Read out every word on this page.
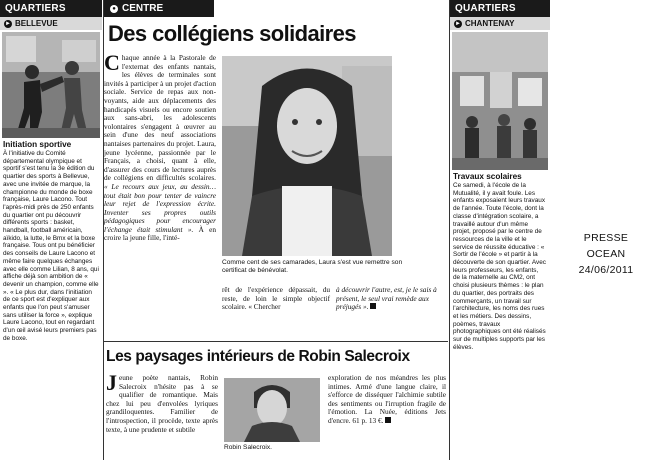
QUARTIERS
► BELLEVUE
Initiation sportive
À l'initiative du Comité départemental olympique et sportif s'est tenu la 3e édition du quartier des sports à Bellevue, avec une invitée de marque, la championne du monde de boxe française, Laure Lacono. Tout l'après-midi près de 250 enfants du quartier ont pu découvrir différents sports : basket, handball, football américain, aïkido, la lutte, le Bmx et la boxe française. Tous ont pu bénéficier des conseils de Laure Lacono et même faire quelques échanges avec elle comme Lilian, 8 ans, qui affiche déjà son ambition de « devenir un champion, comme elle ». « Le plus dur, dans l'initiation de ce sport est d'expliquer aux enfants que l'on peut s'amuser sans utiliser la force », explique Laure Lacono, tout en regardant d'un œil avisé leurs premiers pas de boxe.
● CENTRE
Des collégiens solidaires
Chaque année à la Pastorale de l'externat des enfants nantais, les élèves de terminales sont invités à participer à un projet d'action sociale. Service de repas aux non-voyants, aide aux déplacements des handicapés visuels ou encore soutien aux sans-abri, les adolescents volontaires s'engagent à œuvrer au sein d'une des neuf associations nantaises partenaires du projet. Laura, jeune lycéenne, passionnée par le Français, a choisi, quant à elle, d'assurer des cours de lectures auprès de collégiens en difficultés scolaires. « Le recours aux jeux, au dessin… tout était bon pour tenter de vaincre leur rejet de l'expression écrite. Inventer ses propres outils pédagogiques pour encourager l'échange était stimulant ». À en croire la jeune fille, l'inté-
Comme cent de ses camarades, Laura s'est vue remettre son certificat de bénévolat.
rêt de l'expérience dépassait, du reste, de loin le simple objectif scolaire. « Chercher
à découvrir l'autre, est, je le sais à présent, le seul vrai remède aux préjugés ».
Les paysages intérieurs de Robin Salecroix
Jeune poète nantais, Robin Salecroix n'hésite pas à se qualifier de romantique. Mais chez lui peu d'envolées lyriques grandiloquentes. Familier de l'introspection, il procède, texte après texte, à une prudente et subtile
Robin Salecroix.
exploration de nos méandres les plus intimes. Armé d'une langue claire, il s'efforce de disséquer l'alchimie subtile des sentiments ou l'irruption fragile de l'émotion. La Nuée, éditions Jets d'encre. 61 p. 13 €.
QUARTIERS
► CHANTENAY
Travaux scolaires
Ce samedi, à l'école de la Mutualité, il y avait foule. Les enfants exposaient leurs travaux de l'année. Toute l'école, dont la classe d'intégration scolaire, a travaillé autour d'un même projet, proposé par le centre de ressources de la ville et le service de réussite éducative : « Sortir de l'école » et partir à la découverte de son quartier. Avec leurs professeurs, les enfants, de la maternelle au CM2, ont choisi plusieurs thèmes : le plan du quartier, des portraits des commerçants, un travail sur l'architecture, les noms des rues et les métiers. Des dessins, poèmes, travaux photographiques ont été réalisés sur de multiples supports par les élèves.
PRESSE OCEAN
24/06/2011
